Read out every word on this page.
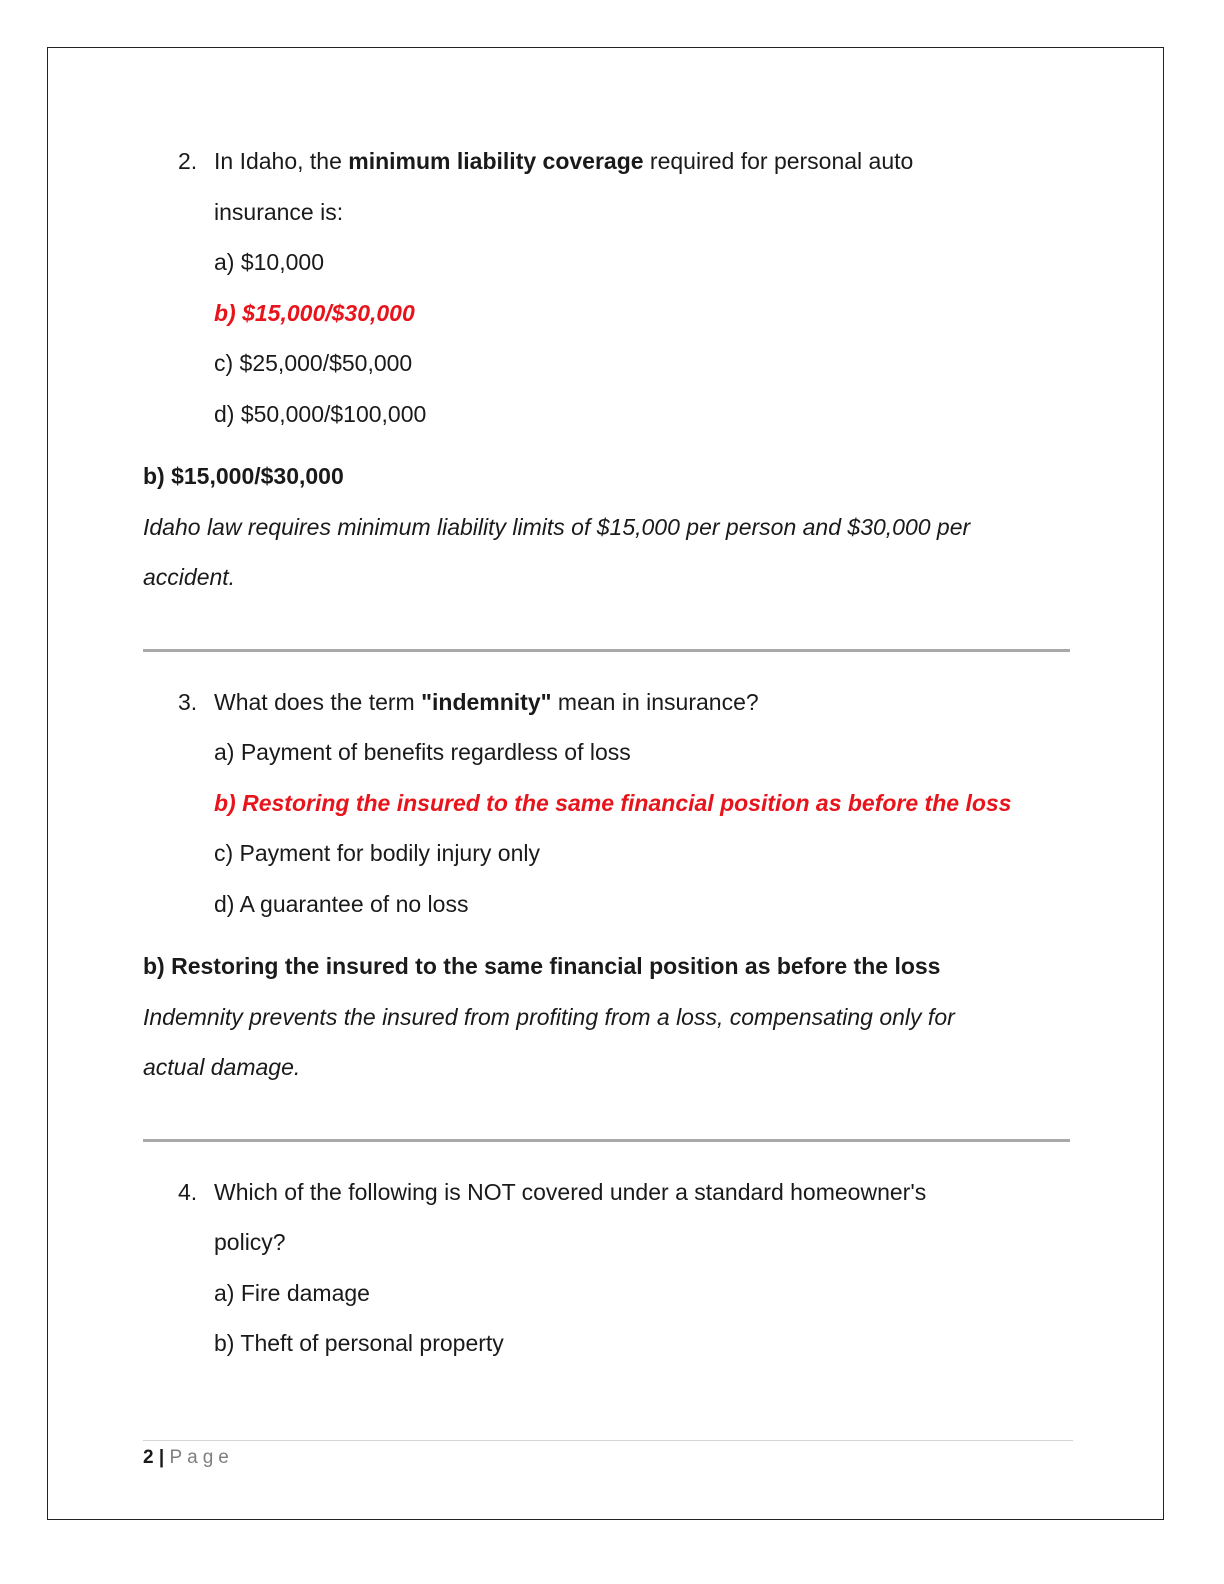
2. In Idaho, the minimum liability coverage required for personal auto
insurance is:
a) $10,000
b) $15,000/$30,000
c) $25,000/$50,000
d) $50,000/$100,000
b) $15,000/$30,000
Idaho law requires minimum liability limits of $15,000 per person and $30,000 per
accident.
3. What does the term "indemnity" mean in insurance?
a) Payment of benefits regardless of loss
b) Restoring the insured to the same financial position as before the loss
c) Payment for bodily injury only
d) A guarantee of no loss
b) Restoring the insured to the same financial position as before the loss
Indemnity prevents the insured from profiting from a loss, compensating only for
actual damage.
4. Which of the following is NOT covered under a standard homeowner's
policy?
a) Fire damage
b) Theft of personal property
2 | Page
